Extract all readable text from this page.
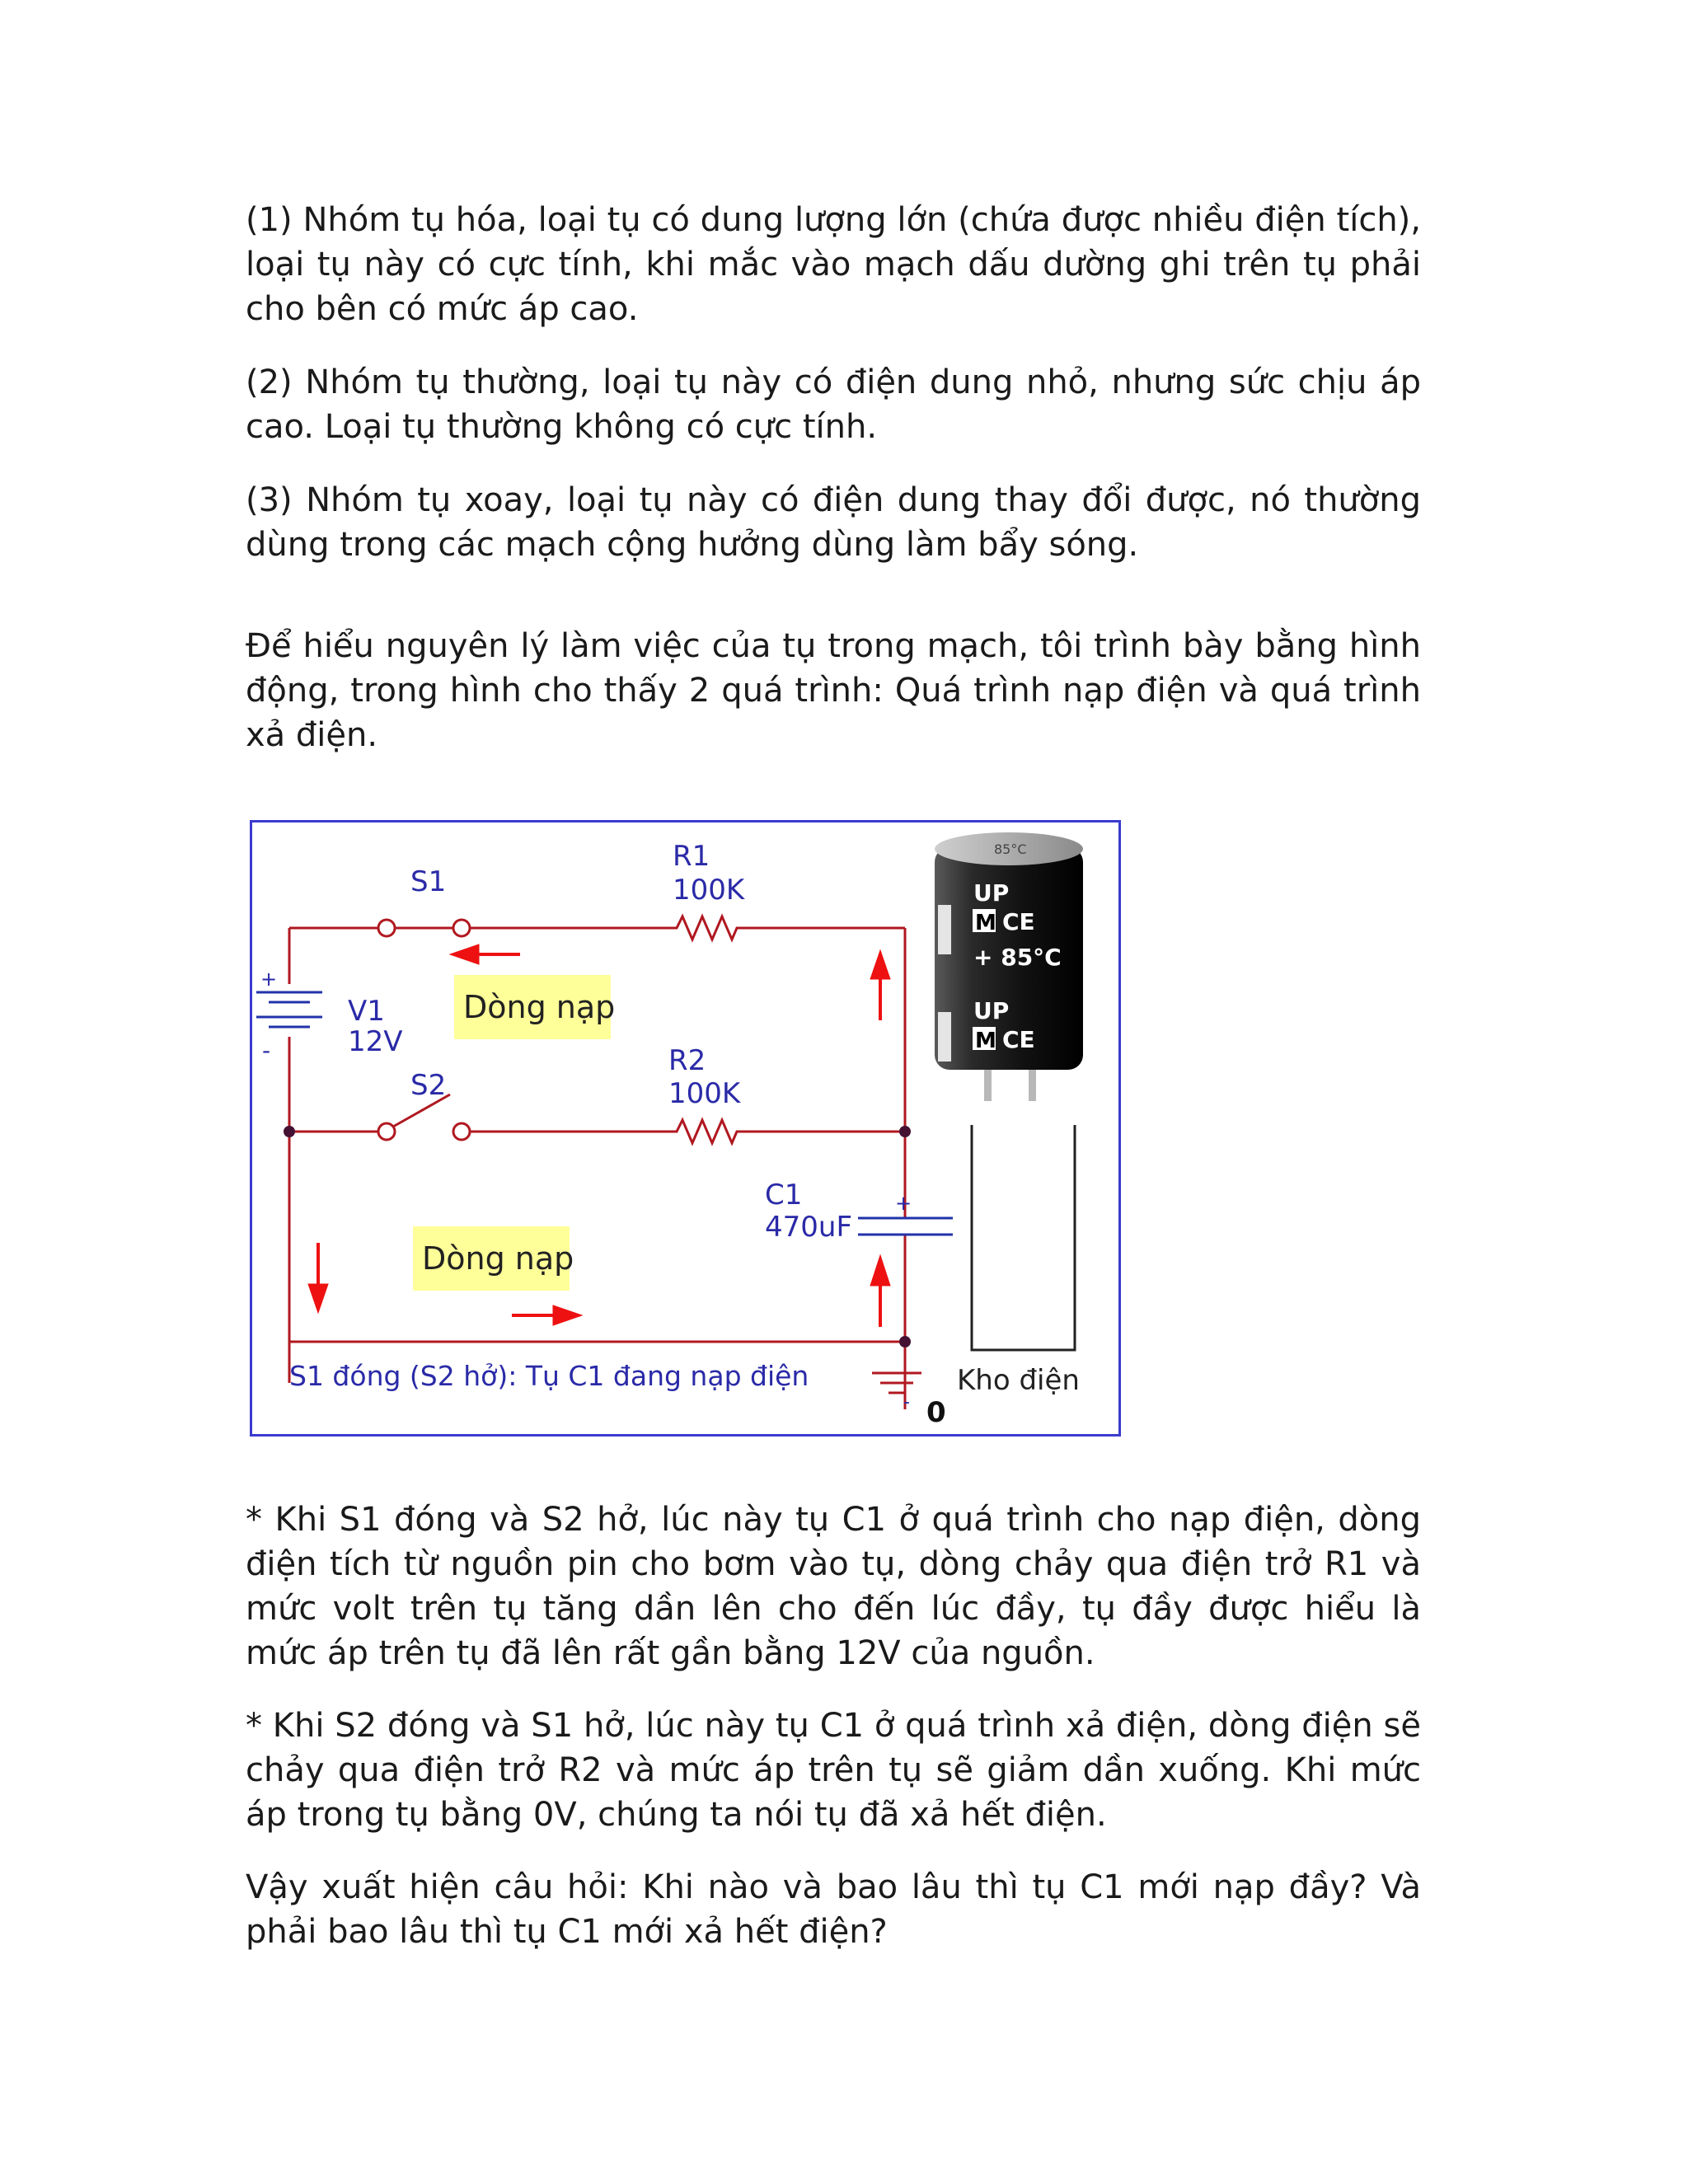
(1) Nhóm tụ hóa, loại tụ có dung lượng lớn (chứa được nhiều điện tích), loại tụ này có cực tính, khi mắc vào mạch dấu dường ghi trên tụ phải cho bên có mức áp cao.

(2) Nhóm tụ thường, loại tụ này có điện dung nhỏ, nhưng sức chịu áp cao. Loại tụ thường không có cực tính.

(3) Nhóm tụ xoay, loại tụ này có điện dung thay đổi được, nó thường dùng trong các mạch cộng hưởng dùng làm bẩy sóng.

Để hiểu nguyên lý làm việc của tụ trong mạch, tôi trình bày bằng hình động, trong hình cho thấy 2 quá trình: Quá trình nạp điện và quá trình xả điện.

+
-
+
- 0
Dòng nạp
Dòng nạp
S1
R1
100K
V1
12V
S2
R2
100K
C1
470uF
S1 đóng (S2 hở): Tụ C1 đang nạp điện	Kho điện
85°C
UP
M CE
+ 85°C
UP
M CE

* Khi S1 đóng và S2 hở, lúc này tụ C1 ở quá trình cho nạp điện, dòng điện tích từ nguồn pin cho bơm vào tụ, dòng chảy qua điện trở R1 và mức volt trên tụ tăng dần lên cho đến lúc đầy, tụ đầy được hiểu là mức áp trên tụ đã lên rất gần bằng 12V của nguồn.

* Khi S2 đóng và S1 hở, lúc này tụ C1 ở quá trình xả điện, dòng điện sẽ chảy qua điện trở R2 và mức áp trên tụ sẽ giảm dần xuống. Khi mức áp trong tụ bằng 0V, chúng ta nói tụ đã xả hết điện.

Vậy xuất hiện câu hỏi: Khi nào và bao lâu thì tụ C1 mới nạp đầy? Và phải bao lâu thì tụ C1 mới xả hết điện?
